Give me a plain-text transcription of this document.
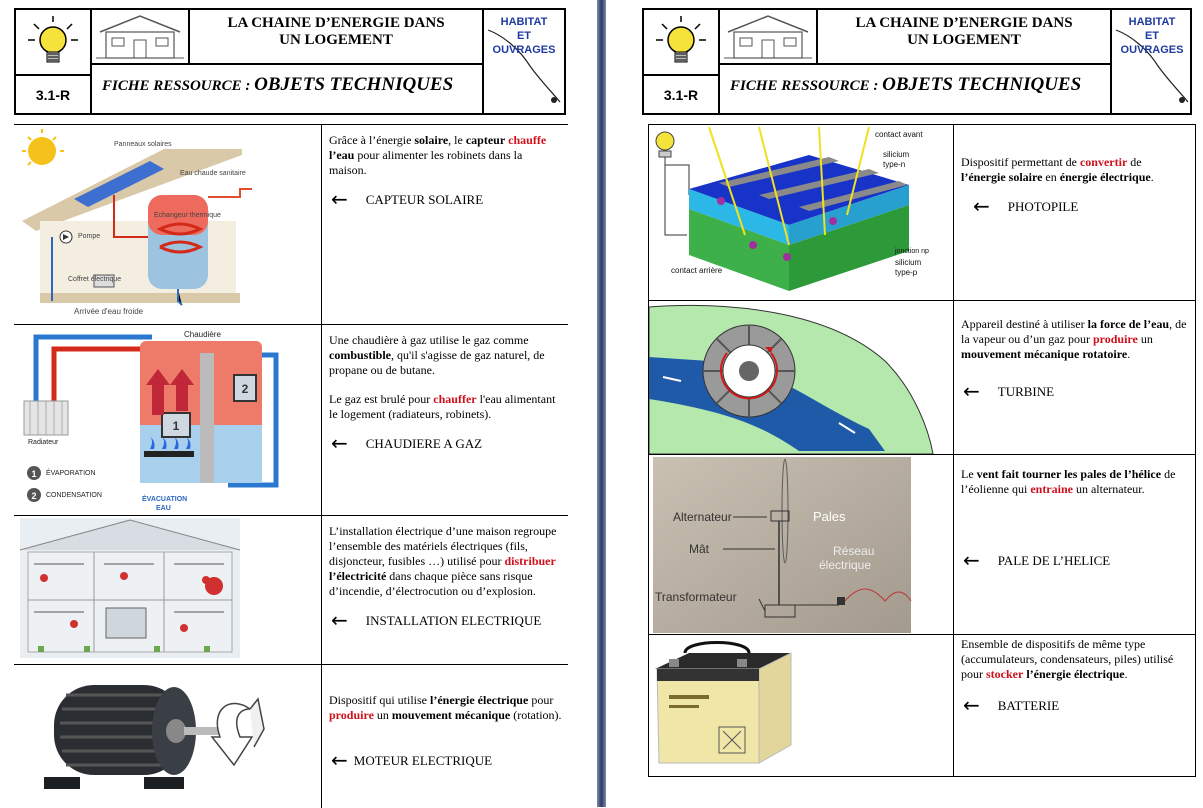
3.1-R
LA CHAINE D’ENERGIE DANS
UN LOGEMENT
HABITAT
ET
OUVRAGES
FICHE RESSOURCE : OBJETS TECHNIQUES
Panneaux solaires
Eau chaude sanitaire
Echangeur thermique
Pompe
Coffret électrique
Arrivée d'eau froide

Grâce à l’énergie solaire, le capteur chauffe l’eau pour alimenter les robinets dans la maison.

← CAPTEUR SOLAIRE
2
1
1
2
ÉVAPORATION
CONDENSATION
Radiateur
Chaudière
ÉVACUATION
EAU

Une chaudière à gaz utilise le gaz comme combustible, qu'il s'agisse de gaz naturel, de propane ou de butane.

Le gaz est brulé pour chauffer l'eau alimentant le logement (radiateurs, robinets).

← CHAUDIERE A GAZ

L’installation électrique d’une maison regroupe l’ensemble des matériels électriques (fils, disjoncteur, fusibles …) utilisé pour distribuer l’électricité dans chaque pièce sans risque d’incendie, d’électrocution ou d’explosion.

← INSTALLATION ELECTRIQUE

Dispositif qui utilise l’énergie électrique pour produire un mouvement mécanique (rotation).

← MOTEUR ELECTRIQUE
3.1-R
LA CHAINE D’ENERGIE DANS
UN LOGEMENT
HABITAT
ET
OUVRAGES
FICHE RESSOURCE : OBJETS TECHNIQUES
contact avant
silicium
type-n
jonction np
silicium
type-p
contact arrière

Dispositif permettant de convertir de l’énergie solaire en énergie électrique.

← PHOTOPILE

Appareil destiné à utiliser la force de l’eau, de la vapeur ou d’un gaz pour produire un mouvement mécanique rotatoire.

← TURBINE
Alternateur
Mât
Transformateur
Pales
Réseau
électrique

Le vent fait tourner les pales de l’hélice de l’éolienne qui entraine un alternateur.

← PALE DE L’HELICE

Ensemble de dispositifs de même type (accumulateurs, condensateurs, piles) utilisé pour stocker l’énergie électrique.

← BATTERIE
